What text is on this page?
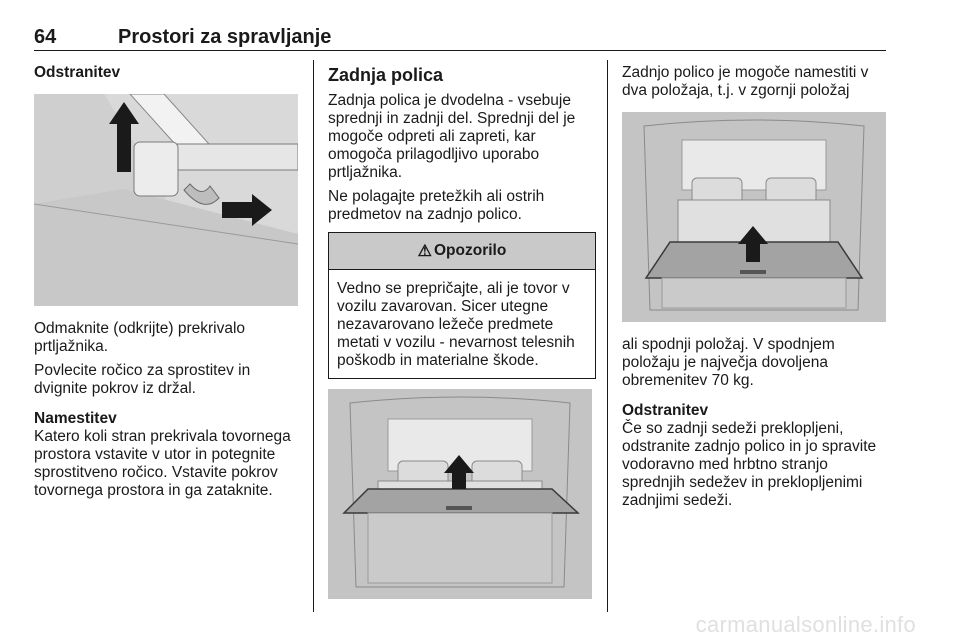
64	Prostori za spravljanje
Odstranitev

Odmaknite (odkrijte) prekrivalo prtljažnika.

Povlecite ročico za sprostitev in dvignite pokrov iz držal.

Namestitev

Katero koli stran prekrivala tovornega prostora vstavite v utor in potegnite sprostitveno ročico. Vstavite pokrov tovornega prostora in ga zataknite.

Zadnja polica

Zadnja polica je dvodelna - vsebuje sprednji in zadnji del. Sprednji del je mogoče odpreti ali zapreti, kar omogoča prilagodljivo uporabo prtljažnika.

Ne polagajte pretežkih ali ostrih predmetov na zadnjo polico.

⚠ Opozorilo
Vedno se prepričajte, ali je tovor v vozilu zavarovan. Sicer utegne nezavarovano ležeče predmete metati v vozilu - nevarnost telesnih poškodb in materialne škode.

Zadnjo polico je mogoče namestiti v dva položaja, t.j. v zgornji položaj

ali spodnji položaj. V spodnjem položaju je največja dovoljena obremenitev 70 kg.

Odstranitev

Če so zadnji sedeži preklopljeni, odstranite zadnjo polico in jo spravite vodoravno med hrbtno stranjo sprednjih sedežev in preklopljenimi zadnjimi sedeži.

carmanualsonline.info
